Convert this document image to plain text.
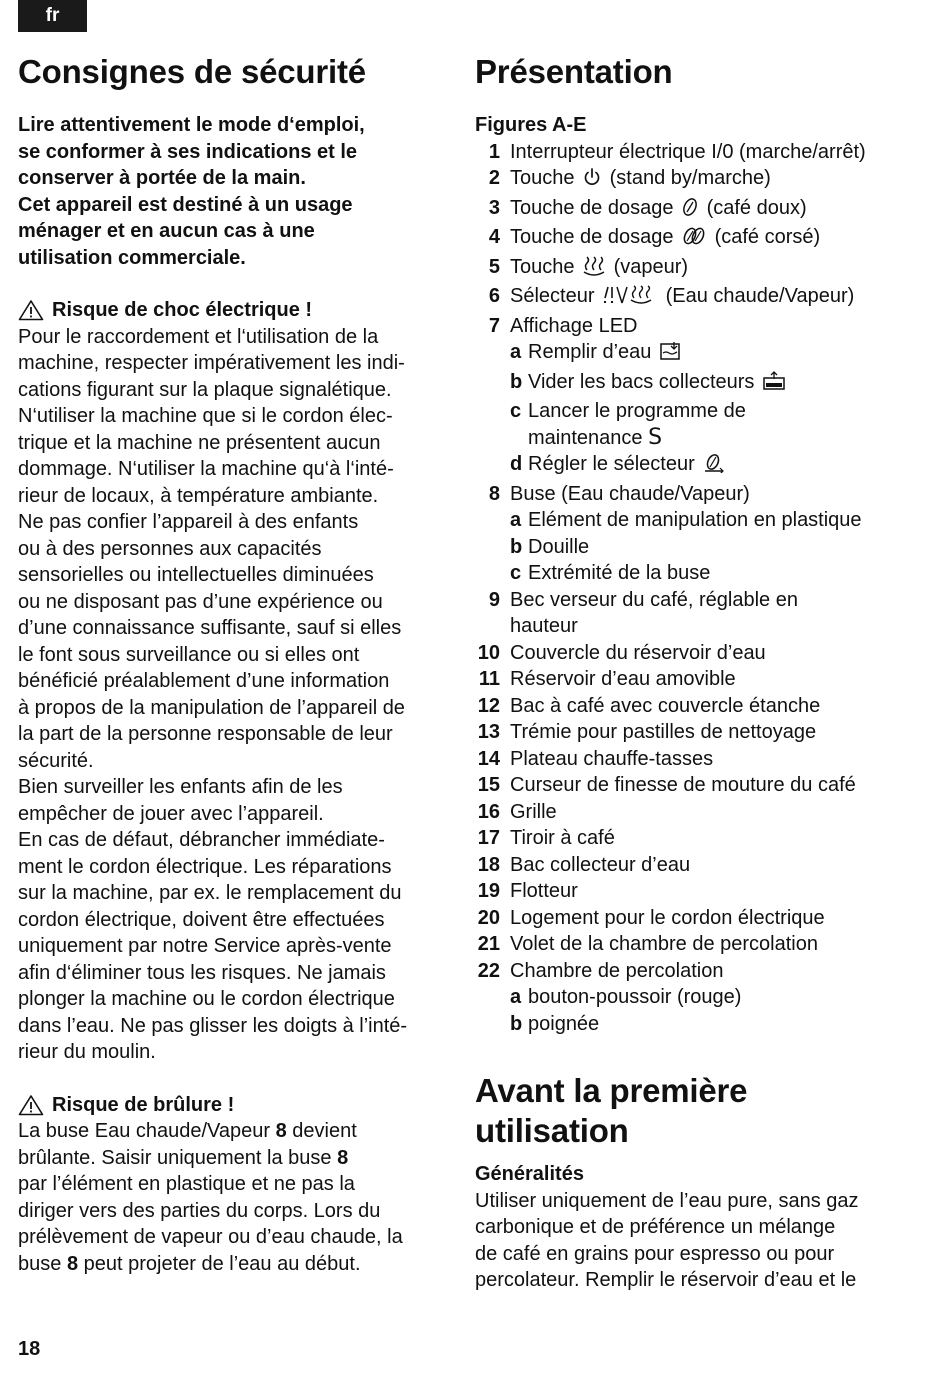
fr
Consignes de sécurité
Lire attentivement le mode d‘emploi,
se conformer à ses indications et le
conserver à portée de la main.
Cet appareil est destiné à un usage
ménager et en aucun cas à une
utilisation commerciale.
Risque de choc électrique !
Pour le raccordement et l‘utilisation de la
machine, respecter impérativement les indi-
cations figurant sur la plaque signalétique.
N‘utiliser la machine que si le cordon élec-
trique et la machine ne présentent aucun
dommage. N‘utiliser la machine qu‘à l‘inté-
rieur de locaux, à température ambiante.
Ne pas confier l’appareil à des enfants
ou à des personnes aux capacités
sensorielles ou intellectuelles diminuées
ou ne disposant pas d’une expérience ou
d’une connaissance suffisante, sauf si elles
le font sous surveillance ou si elles ont
bénéficié préalablement d’une information
à propos de la manipulation de l’appareil de
la part de la personne responsable de leur
sécurité.
Bien surveiller les enfants afin de les
empêcher de jouer avec l’appareil.
En cas de défaut, débrancher immédiate-
ment le cordon électrique. Les réparations
sur la machine, par ex. le remplacement du
cordon électrique, doivent être effectuées
uniquement par notre Service après-vente
afin d‘éliminer tous les risques. Ne jamais
plonger la machine ou le cordon électrique
dans l’eau. Ne pas glisser les doigts à l’inté-
rieur du moulin.
Risque de brûlure !
La buse Eau chaude/Vapeur 8 devient
brûlante. Saisir uniquement la buse 8
par l’élément en plastique et ne pas la
diriger vers des parties du corps. Lors du
prélèvement de vapeur ou d’eau chaude, la
buse 8 peut projeter de l’eau au début.
Présentation
Figures A-E
1 Interrupteur électrique I/0 (marche/arrêt)
2 Touche  (stand by/marche)
3 Touche de dosage  (café doux)
4 Touche de dosage  (café corsé)
5 Touche  (vapeur)
6 Sélecteur	(Eau chaude/Vapeur)
7 Affichage LED
a Remplir d’eau
b Vider les bacs collecteurs
c Lancer le programme de
maintenance S
d Régler le sélecteur
8 Buse (Eau chaude/Vapeur)
a Elément de manipulation en plastique
b Douille
c Extrémité de la buse
9 Bec verseur du café, réglable en
hauteur
10 Couvercle du réservoir d’eau
11 Réservoir d’eau amovible
12 Bac à café avec couvercle étanche
13 Trémie pour pastilles de nettoyage
14 Plateau chauffe-tasses
15 Curseur de finesse de mouture du café
16 Grille
17 Tiroir à café
18 Bac collecteur d’eau
19 Flotteur
20 Logement pour le cordon électrique
21 Volet de la chambre de percolation
22 Chambre de percolation
a bouton-poussoir (rouge)
b poignée
Avant la première
utilisation
Généralités
Utiliser uniquement de l’eau pure, sans gaz
carbonique et de préférence un mélange
de café en grains pour espresso ou pour
percolateur. Remplir le réservoir d’eau et le
18
